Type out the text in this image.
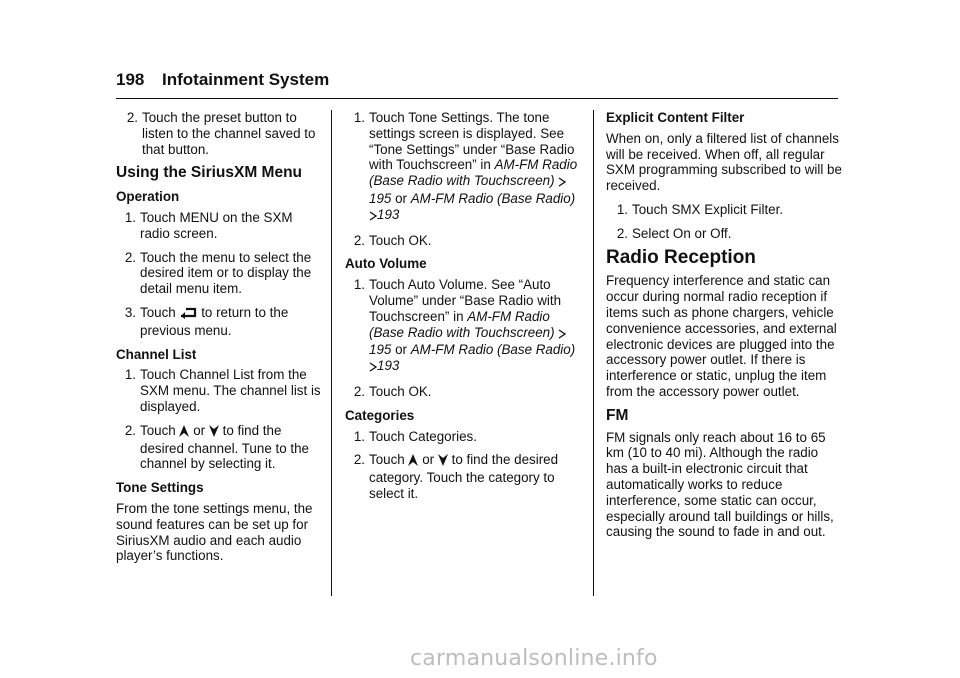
198 Infotainment System
2. Touch the preset button to listen to the channel saved to that button.
Using the SiriusXM Menu
Operation
1. Touch MENU on the SXM radio screen.
2. Touch the menu to select the desired item or to display the detail menu item.
3. Touch to return to the previous menu.
Channel List
1. Touch Channel List from the SXM menu. The channel list is displayed.
2. Touch or to find the desired channel. Tune to the channel by selecting it.
Tone Settings

From the tone settings menu, the sound features can be set up for SiriusXM audio and each audio player’s functions.

1. Touch Tone Settings. The tone settings screen is displayed. See “Tone Settings” under “Base Radio with Touchscreen” in AM-FM Radio (Base Radio with Touchscreen) 195 or AM-FM Radio (Base Radio) 193
2. Touch OK.
Auto Volume
1. Touch Auto Volume. See “Auto Volume” under “Base Radio with Touchscreen” in AM-FM Radio (Base Radio with Touchscreen) 195 or AM-FM Radio (Base Radio) 193
2. Touch OK.
Categories
1. Touch Categories.
2. Touch or to find the desired category. Touch the category to select it.
Explicit Content Filter

When on, only a filtered list of channels will be received. When off, all regular SXM programming subscribed to will be received.

1. Touch SMX Explicit Filter.
2. Select On or Off.
Radio Reception

Frequency interference and static can occur during normal radio reception if items such as phone chargers, vehicle convenience accessories, and external electronic devices are plugged into the accessory power outlet. If there is interference or static, unplug the item from the accessory power outlet.

FM

FM signals only reach about 16 to 65 km (10 to 40 mi). Although the radio has a built-in electronic circuit that automatically works to reduce interference, some static can occur, especially around tall buildings or hills, causing the sound to fade in and out.

carmanualsonline.info
